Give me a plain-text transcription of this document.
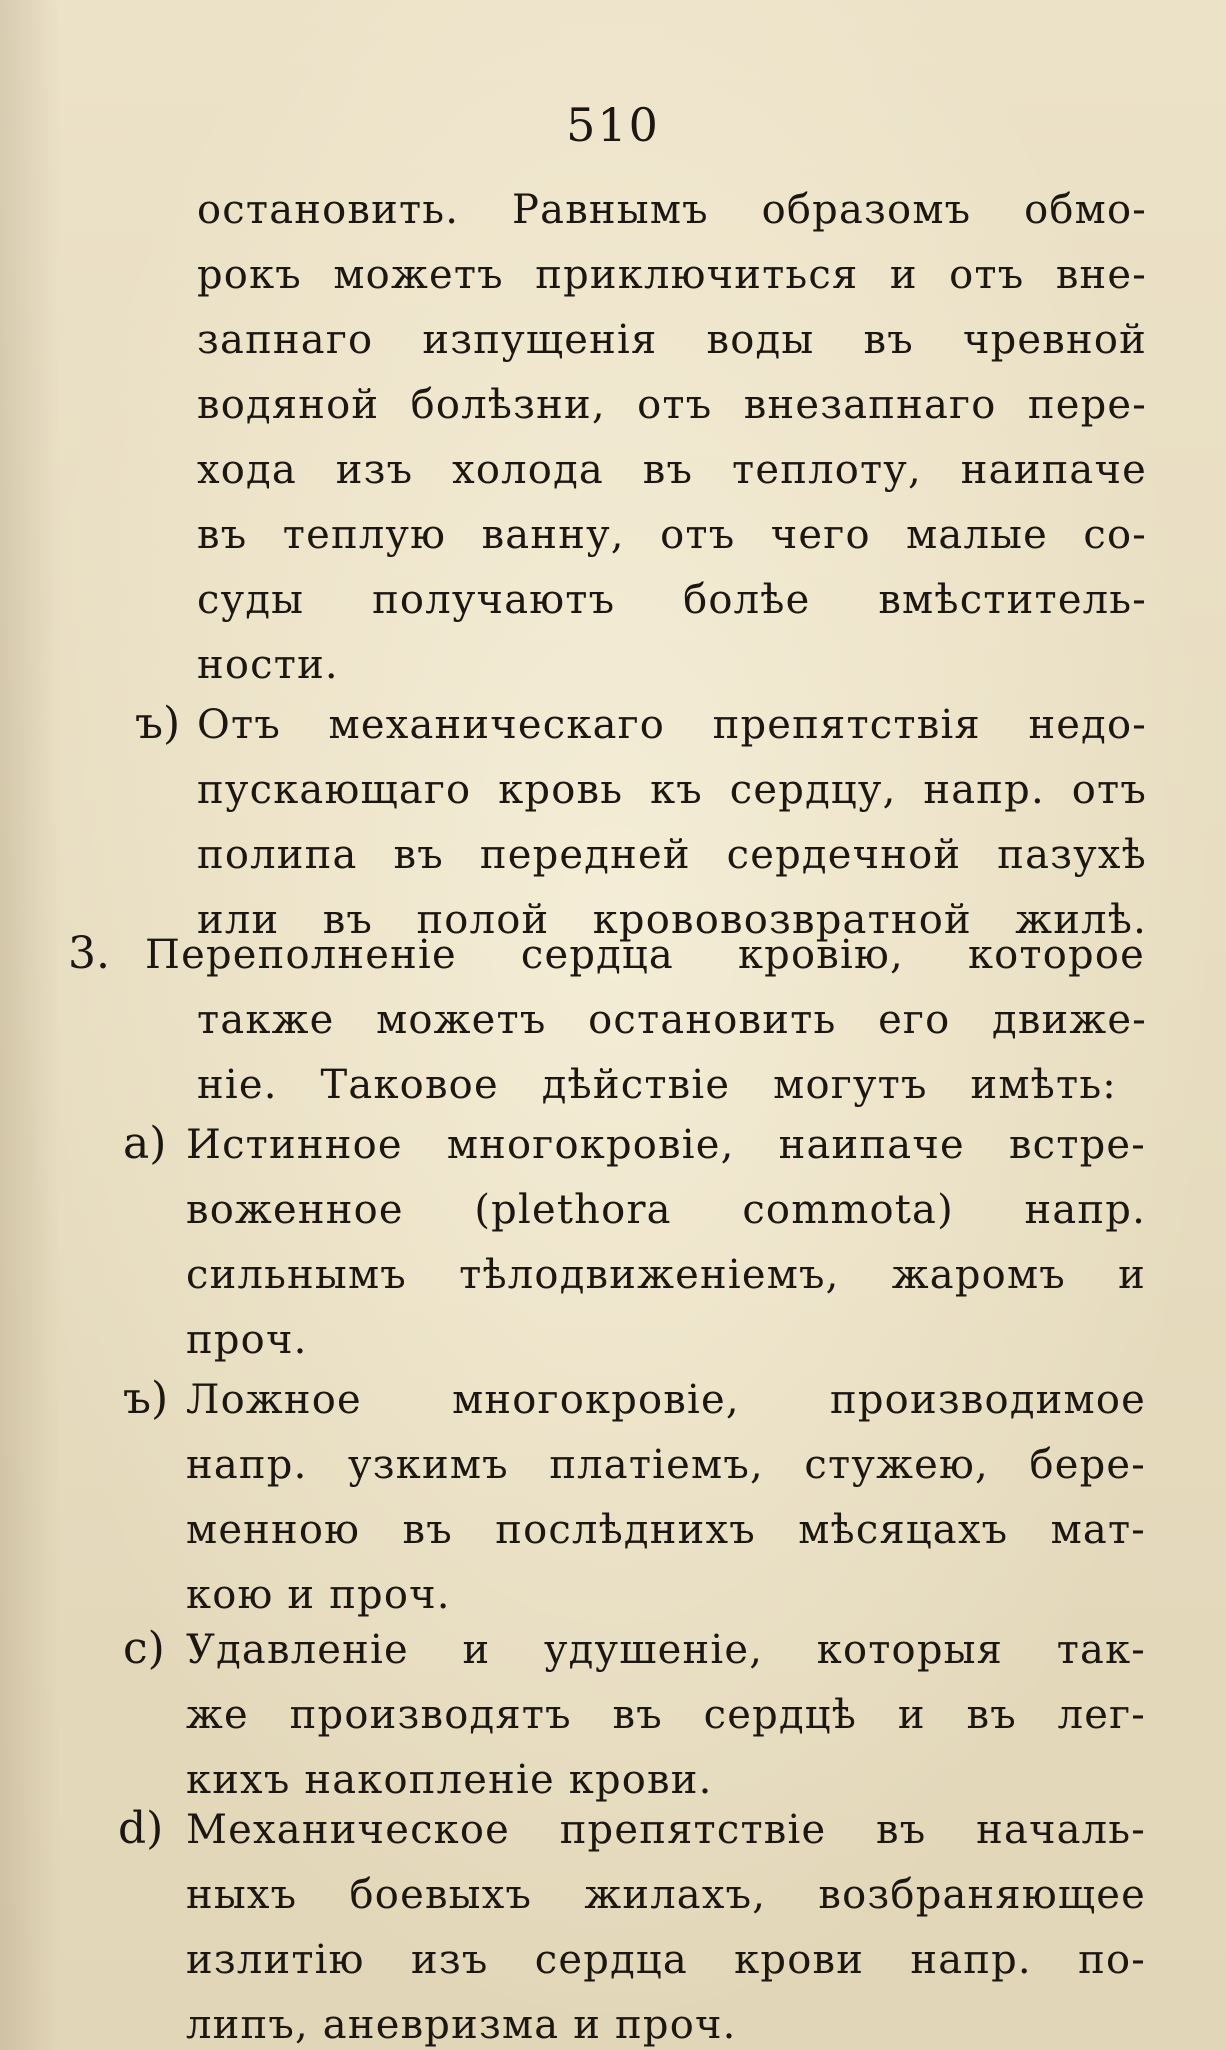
510
остановить. Равнымъ образомъ обмо-
рокъ можетъ приключиться и отъ вне-
запнаго изпущенія воды въ чревной
водяной болѣзни, отъ внезапнаго пере-
хода изъ холода въ теплоту, наипаче
въ теплую ванну, отъ чего малые со-
суды получаютъ болѣе вмѣститель-
ности.
ъ) Отъ механическаго препятствія недо-
пускающаго кровь къ сердцу, напр. отъ
полипа въ передней сердечной пазухѣ
или въ полой крововозвратной жилѣ.
3. Переполненіе сердца кровію, которое
также можетъ остановить его движе-
ніе. Таковое дѣйствіе могутъ имѣть:
a) Истинное многокровіе, наипаче встре-
воженное (plethora commota) напр.
сильнымъ тѣлодвиженіемъ, жаромъ и
проч.
ъ) Ложное многокровіе, производимое
напр. узкимъ платіемъ, стужею, бере-
менною въ послѣднихъ мѣсяцахъ мат-
кою и проч.
c) Удавленіе и удушеніе, которыя так-
же производятъ въ сердцѣ и въ лег-
кихъ накопленіе крови.
d) Механическое препятствіе въ началь-
ныхъ боевыхъ жилахъ, возбраняющее
излитію изъ сердца крови напр. по-
липъ, аневризма и проч.
